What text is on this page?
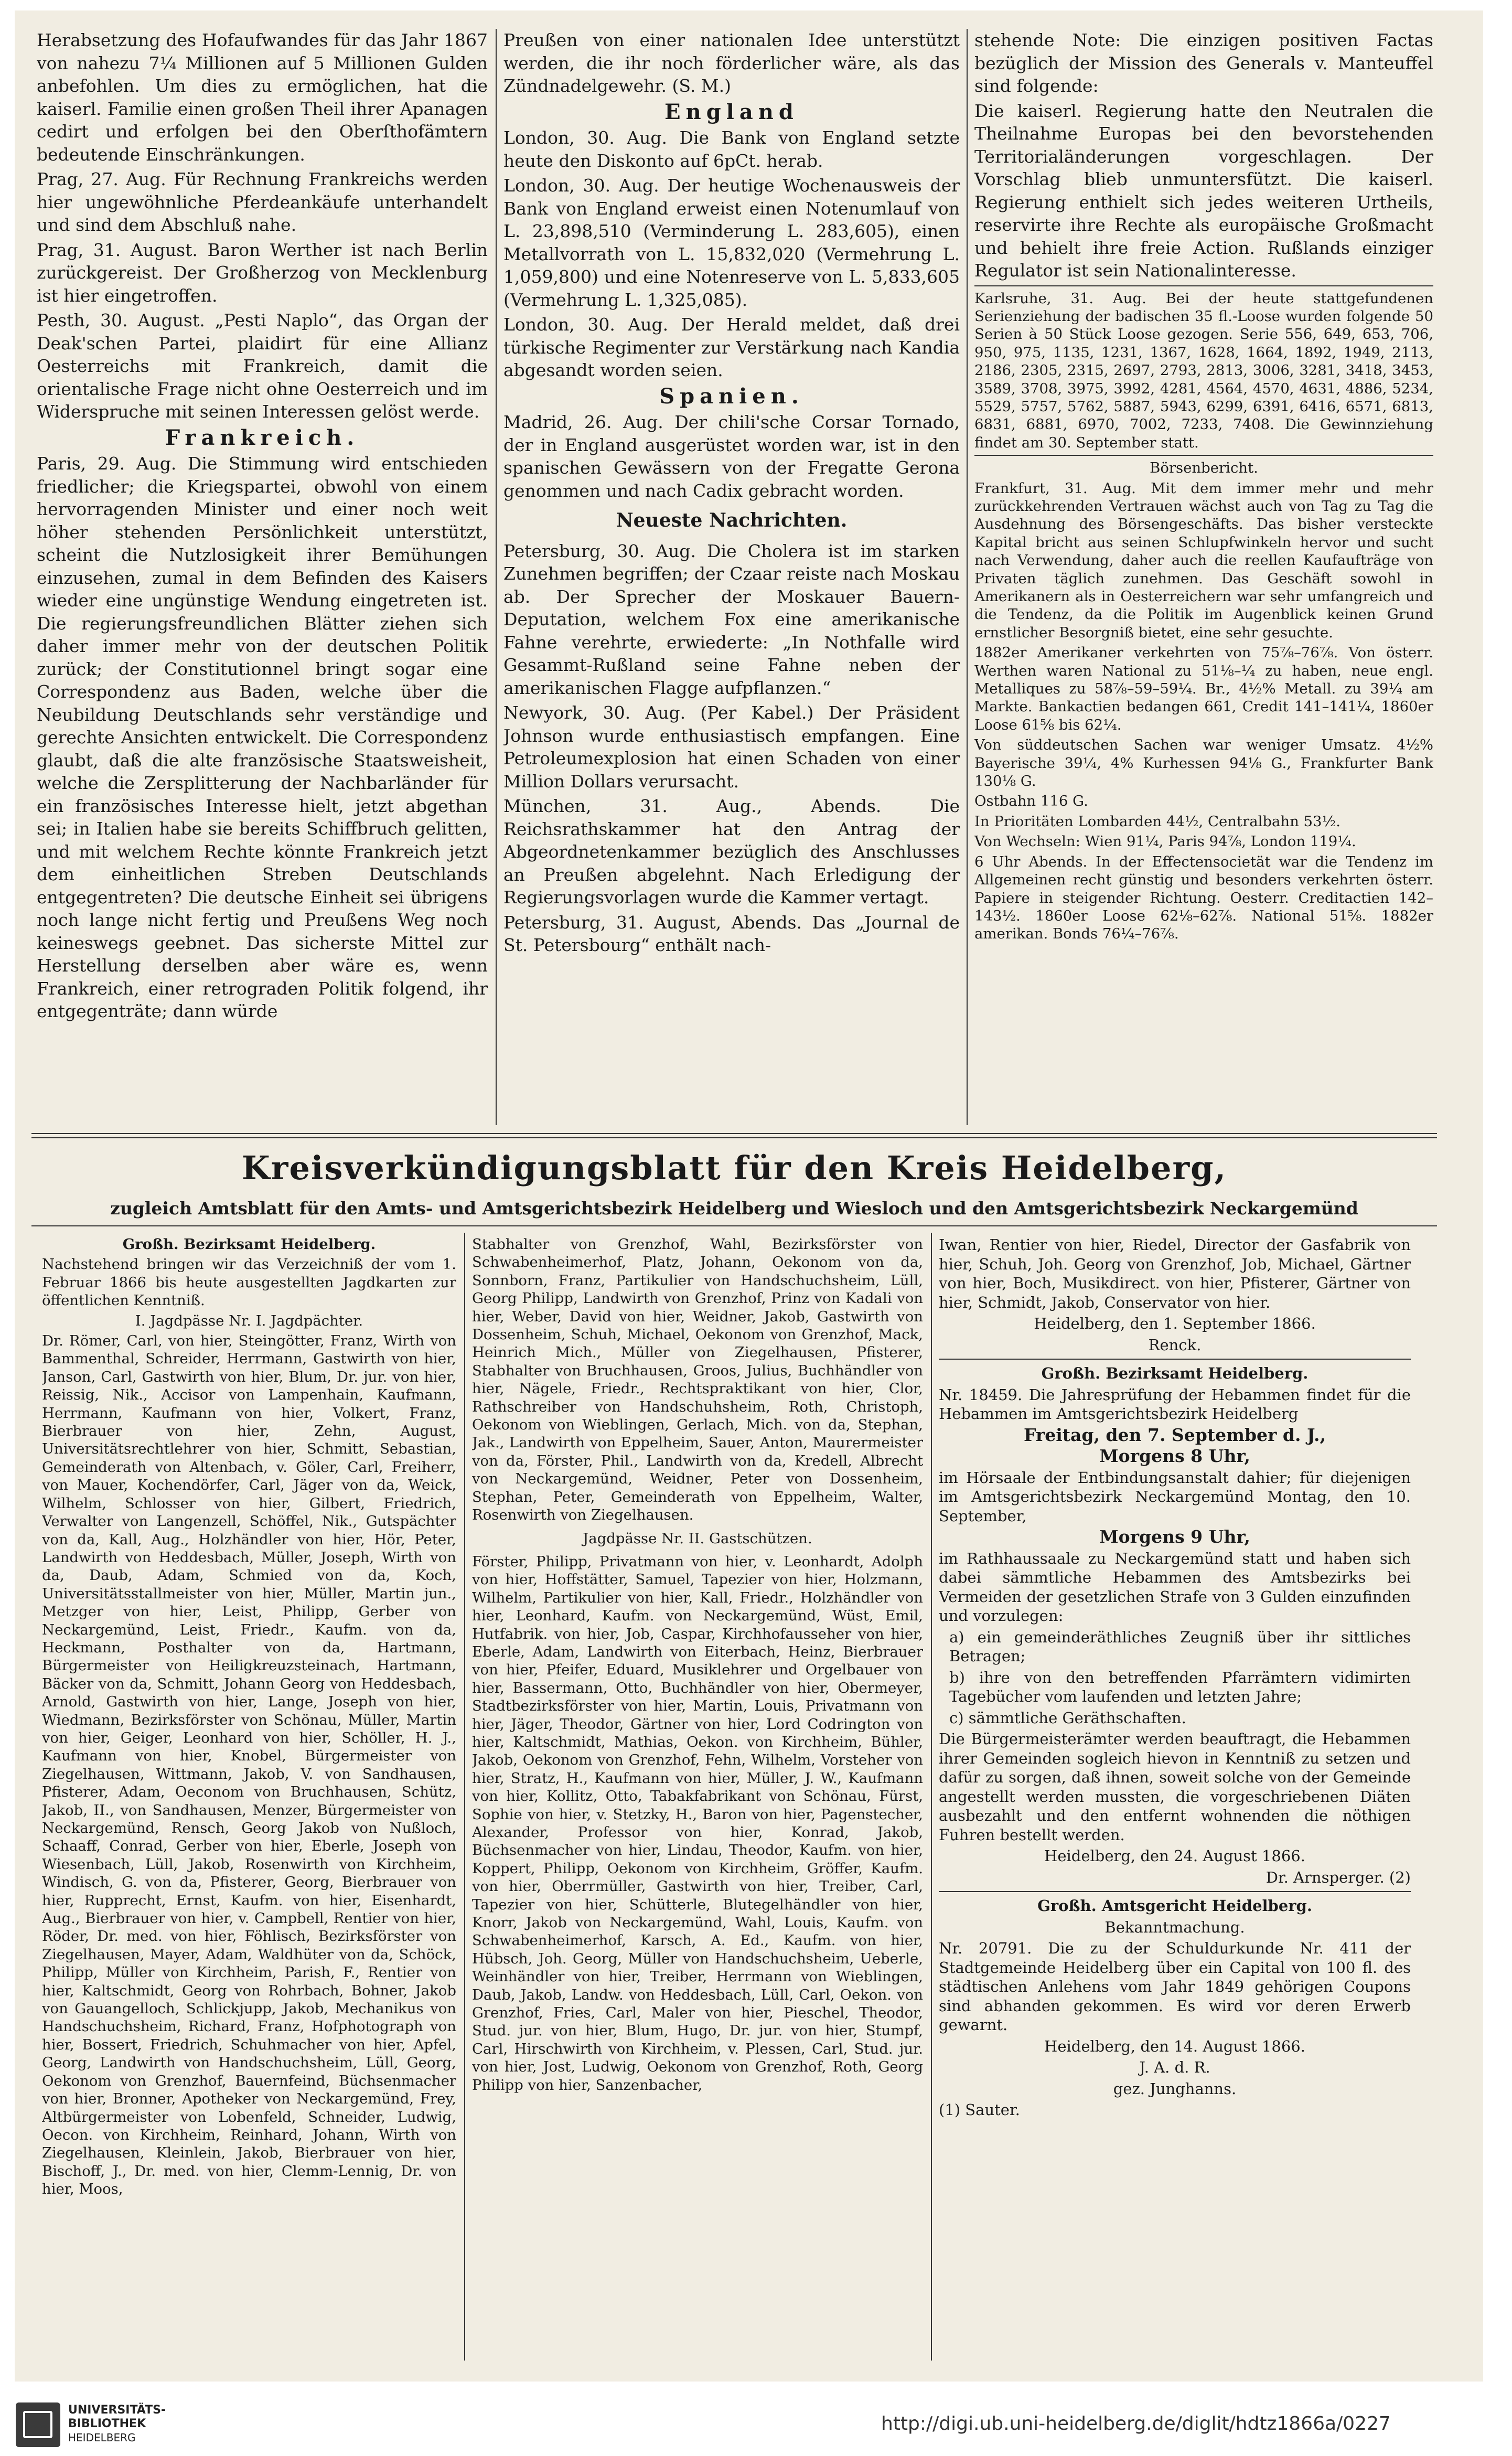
Herabsetzung des Hofaufwandes für das Jahr 1867 von nahezu 7¼ Millionen auf 5 Millionen Gulden anbefohlen. Um dies zu ermöglichen, hat die kaiserl. Familie einen großen Theil ihrer Apanagen cedirt und erfolgen bei den Oberſthofämtern bedeutende Einschränkungen.

Prag, 27. Aug. Für Rechnung Frankreichs werden hier ungewöhnliche Pferdeankäufe unterhandelt und sind dem Abschluß nahe.

Prag, 31. August. Baron Werther ist nach Berlin zurückgereist. Der Großherzog von Mecklenburg ist hier eingetroffen.

Pesth, 30. August. „Pesti Naplo“, das Organ der Deak'schen Partei, plaidirt für eine Allianz Oesterreichs mit Frankreich, damit die orientalische Frage nicht ohne Oesterreich und im Widerspruche mit seinen Interessen gelöst werde.

Frankreich.

Paris, 29. Aug. Die Stimmung wird entschieden friedlicher; die Kriegspartei, obwohl von einem hervorragenden Minister und einer noch weit höher stehenden Persönlichkeit unterstützt, scheint die Nutzlosigkeit ihrer Bemühungen einzusehen, zumal in dem Befinden des Kaisers wieder eine ungünstige Wendung eingetreten ist. Die regierungsfreundlichen Blätter ziehen sich daher immer mehr von der deutschen Politik zurück; der Constitutionnel bringt sogar eine Correspondenz aus Baden, welche über die Neubildung Deutschlands sehr verständige und gerechte Ansichten entwickelt. Die Correspondenz glaubt, daß die alte französische Staatsweisheit, welche die Zersplitterung der Nachbarländer für ein französisches Interesse hielt, jetzt abgethan sei; in Italien habe sie bereits Schiffbruch gelitten, und mit welchem Rechte könnte Frankreich jetzt dem einheitlichen Streben Deutschlands entgegentreten? Die deutsche Einheit sei übrigens noch lange nicht fertig und Preußens Weg noch keineswegs geebnet. Das sicherste Mittel zur Herstellung derselben aber wäre es, wenn Frankreich, einer retrograden Politik folgend, ihr entgegenträte; dann würde

Preußen von einer nationalen Idee unterstützt werden, die ihr noch förderlicher wäre, als das Zündnadelgewehr. (S. M.)

England

London, 30. Aug. Die Bank von England setzte heute den Diskonto auf 6pCt. herab.

London, 30. Aug. Der heutige Wochenausweis der Bank von England erweist einen Notenumlauf von L. 23,898,510 (Verminderung L. 283,605), einen Metallvorrath von L. 15,832,020 (Vermehrung L. 1,059,800) und eine Notenreserve von L. 5,833,605 (Vermehrung L. 1,325,085).

London, 30. Aug. Der Herald meldet, daß drei türkische Regimenter zur Verstärkung nach Kandia abgesandt worden seien.

Spanien.

Madrid, 26. Aug. Der chili'sche Corsar Tornado, der in England ausgerüstet worden war, ist in den spanischen Gewässern von der Fregatte Gerona genommen und nach Cadix gebracht worden.

Neueste Nachrichten.

Petersburg, 30. Aug. Die Cholera ist im starken Zunehmen begriffen; der Czaar reiste nach Moskau ab. Der Sprecher der Moskauer Bauern-Deputation, welchem Fox eine amerikanische Fahne verehrte, erwiederte: „In Nothfalle wird Gesammt-Rußland seine Fahne neben der amerikanischen Flagge aufpflanzen.“

Newyork, 30. Aug. (Per Kabel.) Der Präsident Johnson wurde enthusiastisch empfangen. Eine Petroleumexplosion hat einen Schaden von einer Million Dollars verursacht.

München, 31. Aug., Abends. Die Reichsrathskammer hat den Antrag der Abgeordnetenkammer bezüglich des Anschlusses an Preußen abgelehnt. Nach Erledigung der Regierungsvorlagen wurde die Kammer vertagt.

Petersburg, 31. August, Abends. Das „Journal de St. Petersbourg“ enthält nach-

stehende Note: Die einzigen positiven Factas bezüglich der Mission des Generals v. Manteuffel sind folgende:

Die kaiserl. Regierung hatte den Neutralen die Theilnahme Europas bei den bevorstehenden Territorialänderungen vorgeschlagen. Der Vorschlag blieb unmuntersfützt. Die kaiserl. Regierung enthielt sich jedes weiteren Urtheils, reservirte ihre Rechte als europäische Großmacht und behielt ihre freie Action. Rußlands einziger Regulator ist sein Nationalinteresse.

Karlsruhe, 31. Aug. Bei der heute stattgefundenen Serienziehung der badischen 35 fl.-Loose wurden folgende 50 Serien à 50 Stück Loose gezogen. Serie 556, 649, 653, 706, 950, 975, 1135, 1231, 1367, 1628, 1664, 1892, 1949, 2113, 2186, 2305, 2315, 2697, 2793, 2813, 3006, 3281, 3418, 3453, 3589, 3708, 3975, 3992, 4281, 4564, 4570, 4631, 4886, 5234, 5529, 5757, 5762, 5887, 5943, 6299, 6391, 6416, 6571, 6813, 6831, 6881, 6970, 7002, 7233, 7408. Die Gewinnziehung findet am 30. September statt.

Börsenbericht.

Frankfurt, 31. Aug. Mit dem immer mehr und mehr zurückkehrenden Vertrauen wächst auch von Tag zu Tag die Ausdehnung des Börsengeschäfts. Das bisher versteckte Kapital bricht aus seinen Schlupfwinkeln hervor und sucht nach Verwendung, daher auch die reellen Kaufaufträge von Privaten täglich zunehmen. Das Geschäft sowohl in Amerikanern als in Oesterreichern war sehr umfangreich und die Tendenz, da die Politik im Augenblick keinen Grund ernstlicher Besorgniß bietet, eine sehr gesuchte.

1882er Amerikaner verkehrten von 75⅞–76⅞. Von österr. Werthen waren National zu 51⅛–¼ zu haben, neue engl. Metalliques zu 58⅞–59–59¼. Br., 4½% Metall. zu 39¼ am Markte. Bankactien bedangen 661, Credit 141–141¼, 1860er Loose 61⅝ bis 62¼.

Von süddeutschen Sachen war weniger Umsatz. 4½% Bayerische 39¼, 4% Kurhessen 94⅛ G., Frankfurter Bank 130⅛ G.

Ostbahn 116 G.

In Prioritäten Lombarden 44½, Centralbahn 53½.

Von Wechseln: Wien 91¼, Paris 94⅞, London 119¼.

6 Uhr Abends. In der Effectensocietät war die Tendenz im Allgemeinen recht günstig und besonders verkehrten österr. Papiere in steigender Richtung. Oesterr. Creditactien 142–143½. 1860er Loose 62⅛–62⅞. National 51⅝. 1882er amerikan. Bonds 76¼–76⅞.

Kreisverkündigungsblatt für den Kreis Heidelberg,
zugleich Amtsblatt für den Amts- und Amtsgerichtsbezirk Heidelberg und Wiesloch und den Amtsgerichtsbezirk Neckargemünd

Großh. Bezirksamt Heidelberg.

Nachstehend bringen wir das Verzeichniß der vom 1. Februar 1866 bis heute ausgestellten Jagdkarten zur öffentlichen Kenntniß.

I. Jagdpässe Nr. I. Jagdpächter.

Dr. Römer, Carl, von hier, Steingötter, Franz, Wirth von Bammenthal, Schreider, Herrmann, Gastwirth von hier, Janson, Carl, Gastwirth von hier, Blum, Dr. jur. von hier, Reissig, Nik., Accisor von Lampenhain, Kaufmann, Herrmann, Kaufmann von hier, Volkert, Franz, Bierbrauer von hier, Zehn, August, Universitätsrechtlehrer von hier, Schmitt, Sebastian, Gemeinderath von Altenbach, v. Göler, Carl, Freiherr, von Mauer, Kochendörfer, Carl, Jäger von da, Weick, Wilhelm, Schlosser von hier, Gilbert, Friedrich, Verwalter von Langenzell, Schöffel, Nik., Gutspächter von da, Kall, Aug., Holzhändler von hier, Hör, Peter, Landwirth von Heddesbach, Müller, Joseph, Wirth von da, Daub, Adam, Schmied von da, Koch, Universitätsstallmeister von hier, Müller, Martin jun., Metzger von hier, Leist, Philipp, Gerber von Neckargemünd, Leist, Friedr., Kaufm. von da, Heckmann, Posthalter von da, Hartmann, Bürgermeister von Heiligkreuzsteinach, Hartmann, Bäcker von da, Schmitt, Johann Georg von Heddesbach, Arnold, Gastwirth von hier, Lange, Joseph von hier, Wiedmann, Bezirksförster von Schönau, Müller, Martin von hier, Geiger, Leonhard von hier, Schöller, H. J., Kaufmann von hier, Knobel, Bürgermeister von Ziegelhausen, Wittmann, Jakob, V. von Sandhausen, Pfisterer, Adam, Oeconom von Bruchhausen, Schütz, Jakob, II., von Sandhausen, Menzer, Bürgermeister von Neckargemünd, Rensch, Georg Jakob von Nußloch, Schaaff, Conrad, Gerber von hier, Eberle, Joseph von Wiesenbach, Lüll, Jakob, Rosenwirth von Kirchheim, Windisch, G. von da, Pfisterer, Georg, Bierbrauer von hier, Rupprecht, Ernst, Kaufm. von hier, Eisenhardt, Aug., Bierbrauer von hier, v. Campbell, Rentier von hier, Röder, Dr. med. von hier, Föhlisch, Bezirksförster von Ziegelhausen, Mayer, Adam, Waldhüter von da, Schöck, Philipp, Müller von Kirchheim, Parish, F., Rentier von hier, Kaltschmidt, Georg von Rohrbach, Bohner, Jakob von Gauangelloch, Schlickjupp, Jakob, Mechanikus von Handschuchsheim, Richard, Franz, Hofphotograph von hier, Bossert, Friedrich, Schuhmacher von hier, Apfel, Georg, Landwirth von Handschuchsheim, Lüll, Georg, Oekonom von Grenzhof, Bauernfeind, Büchsenmacher von hier, Bronner, Apotheker von Neckargemünd, Frey, Altbürgermeister von Lobenfeld, Schneider, Ludwig, Oecon. von Kirchheim, Reinhard, Johann, Wirth von Ziegelhausen, Kleinlein, Jakob, Bierbrauer von hier, Bischoff, J., Dr. med. von hier, Clemm-Lennig, Dr. von hier, Moos,

Stabhalter von Grenzhof, Wahl, Bezirksförster von Schwabenheimerhof, Platz, Johann, Oekonom von da, Sonnborn, Franz, Partikulier von Handschuchsheim, Lüll, Georg Philipp, Landwirth von Grenzhof, Prinz von Kadali von hier, Weber, David von hier, Weidner, Jakob, Gastwirth von Dossenheim, Schuh, Michael, Oekonom von Grenzhof, Mack, Heinrich Mich., Müller von Ziegelhausen, Pfisterer, Stabhalter von Bruchhausen, Groos, Julius, Buchhändler von hier, Nägele, Friedr., Rechtspraktikant von hier, Clor, Rathschreiber von Handschuhsheim, Roth, Christoph, Oekonom von Wieblingen, Gerlach, Mich. von da, Stephan, Jak., Landwirth von Eppelheim, Sauer, Anton, Maurermeister von da, Förster, Phil., Landwirth von da, Kredell, Albrecht von Neckargemünd, Weidner, Peter von Dossenheim, Stephan, Peter, Gemeinderath von Eppelheim, Walter, Rosenwirth von Ziegelhausen.

Jagdpässe Nr. II. Gastschützen.

Förster, Philipp, Privatmann von hier, v. Leonhardt, Adolph von hier, Hoffstätter, Samuel, Tapezier von hier, Holzmann, Wilhelm, Partikulier von hier, Kall, Friedr., Holzhändler von hier, Leonhard, Kaufm. von Neckargemünd, Wüst, Emil, Hutfabrik. von hier, Job, Caspar, Kirchhofausseher von hier, Eberle, Adam, Landwirth von Eiterbach, Heinz, Bierbrauer von hier, Pfeifer, Eduard, Musiklehrer und Orgelbauer von hier, Bassermann, Otto, Buchhändler von hier, Obermeyer, Stadtbezirksförster von hier, Martin, Louis, Privatmann von hier, Jäger, Theodor, Gärtner von hier, Lord Codrington von hier, Kaltschmidt, Mathias, Oekon. von Kirchheim, Bühler, Jakob, Oekonom von Grenzhof, Fehn, Wilhelm, Vorsteher von hier, Stratz, H., Kaufmann von hier, Müller, J. W., Kaufmann von hier, Kollitz, Otto, Tabakfabrikant von Schönau, Fürst, Sophie von hier, v. Stetzky, H., Baron von hier, Pagenstecher, Alexander, Professor von hier, Konrad, Jakob, Büchsenmacher von hier, Lindau, Theodor, Kaufm. von hier, Koppert, Philipp, Oekonom von Kirchheim, Gröffer, Kaufm. von hier, Oberrmüller, Gastwirth von hier, Treiber, Carl, Tapezier von hier, Schütterle, Blutegelhändler von hier, Knorr, Jakob von Neckargemünd, Wahl, Louis, Kaufm. von Schwabenheimerhof, Karsch, A. Ed., Kaufm. von hier, Hübsch, Joh. Georg, Müller von Handschuchsheim, Ueberle, Weinhändler von hier, Treiber, Herrmann von Wieblingen, Daub, Jakob, Landw. von Heddesbach, Lüll, Carl, Oekon. von Grenzhof, Fries, Carl, Maler von hier, Pieschel, Theodor, Stud. jur. von hier, Blum, Hugo, Dr. jur. von hier, Stumpf, Carl, Hirschwirth von Kirchheim, v. Plessen, Carl, Stud. jur. von hier, Jost, Ludwig, Oekonom von Grenzhof, Roth, Georg Philipp von hier, Sanzenbacher,

Iwan, Rentier von hier, Riedel, Director der Gasfabrik von hier, Schuh, Joh. Georg von Grenzhof, Job, Michael, Gärtner von hier, Boch, Musikdirect. von hier, Pfisterer, Gärtner von hier, Schmidt, Jakob, Conservator von hier.

Heidelberg, den 1. September 1866.

Renck.

Großh. Bezirksamt Heidelberg.

Nr. 18459. Die Jahresprüfung der Hebammen findet für die Hebammen im Amtsgerichtsbezirk Heidelberg

Freitag, den 7. September d. J.,

Morgens 8 Uhr,

im Hörsaale der Entbindungsanstalt dahier; für diejenigen im Amtsgerichtsbezirk Neckargemünd Montag, den 10. September,

Morgens 9 Uhr,

im Rathhaussaale zu Neckargemünd statt und haben sich dabei sämmtliche Hebammen des Amtsbezirks bei Vermeiden der gesetzlichen Strafe von 3 Gulden einzufinden und vorzulegen:

a) ein gemeinderäthliches Zeugniß über ihr sittliches Betragen;

b) ihre von den betreffenden Pfarrämtern vidimirten Tagebücher vom laufenden und letzten Jahre;

c) sämmtliche Geräthschaften.

Die Bürgermeisterämter werden beauftragt, die Hebammen ihrer Gemeinden sogleich hievon in Kenntniß zu setzen und dafür zu sorgen, daß ihnen, soweit solche von der Gemeinde angestellt werden mussten, die vorgeschriebenen Diäten ausbezahlt und den entfernt wohnenden die nöthigen Fuhren bestellt werden.

Heidelberg, den 24. August 1866.

Dr. Arnsperger. (2)

Großh. Amtsgericht Heidelberg.

Bekanntmachung.

Nr. 20791. Die zu der Schuldurkunde Nr. 411 der Stadtgemeinde Heidelberg über ein Capital von 100 fl. des städtischen Anlehens vom Jahr 1849 gehörigen Coupons sind abhanden gekommen. Es wird vor deren Erwerb gewarnt.

Heidelberg, den 14. August 1866.

J. A. d. R.

gez. Junghanns.

(1) Sauter.

UNIVERSITÄTS-
BIBLIOTHEK
HEIDELBERG
http://digi.ub.uni-heidelberg.de/diglit/hdtz1866a/0227
